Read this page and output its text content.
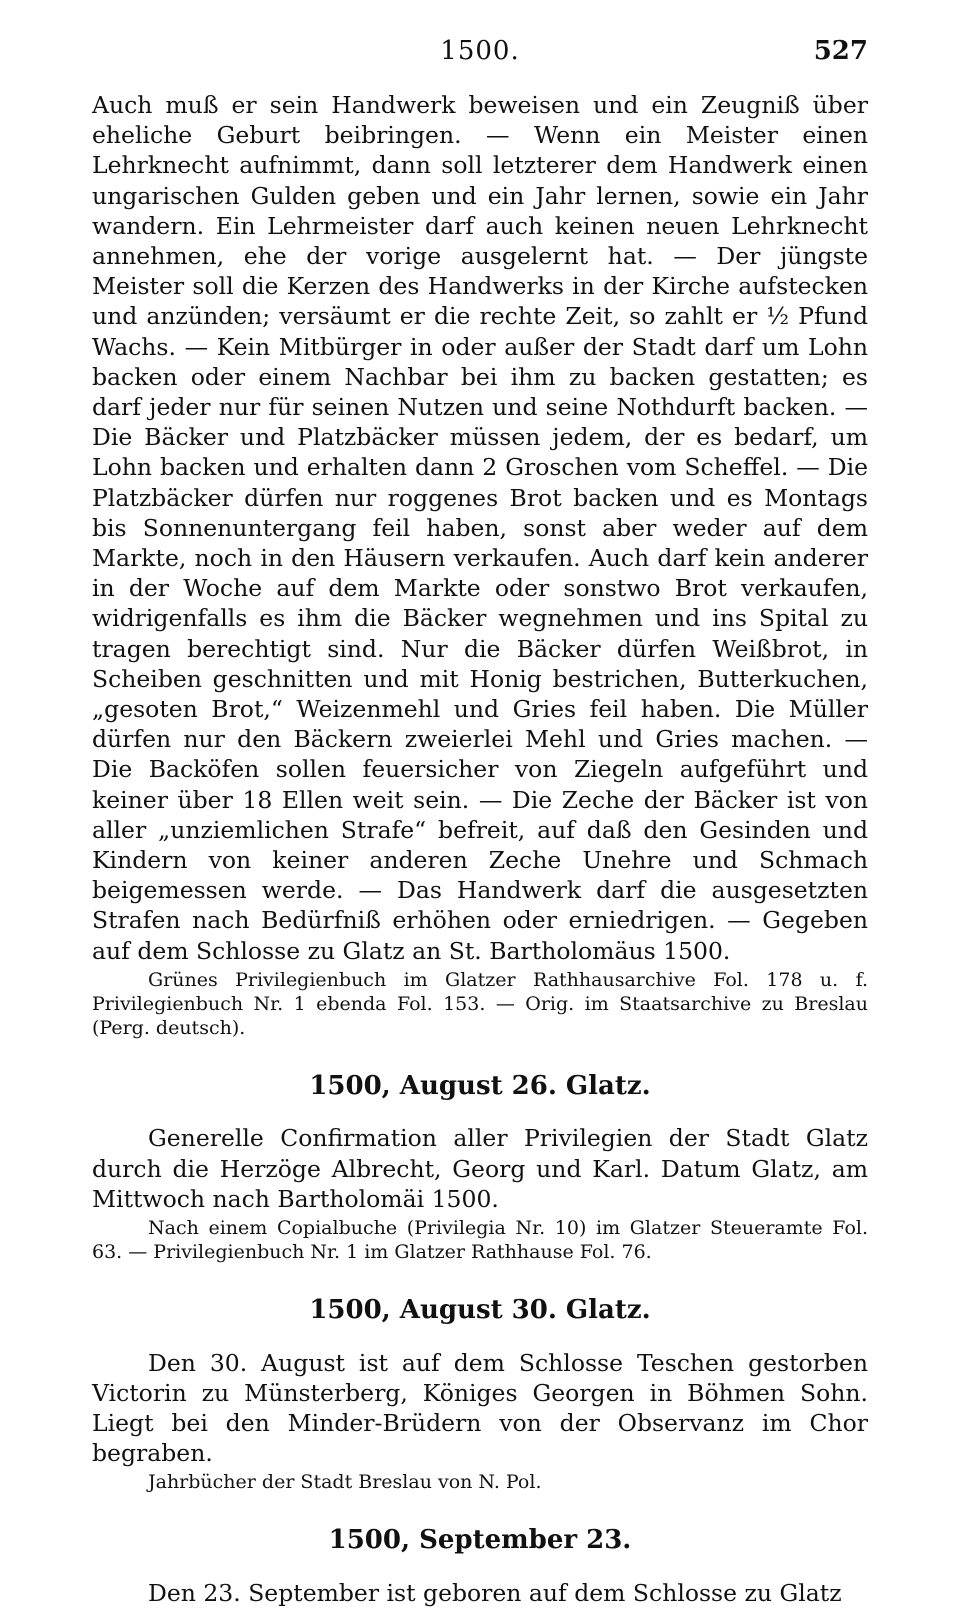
1500.	527

Auch muß er sein Handwerk beweisen und ein Zeugniß über eheliche Geburt beibringen. — Wenn ein Meister einen Lehrknecht aufnimmt, dann soll letzterer dem Handwerk einen ungarischen Gulden geben und ein Jahr lernen, sowie ein Jahr wandern. Ein Lehrmeister darf auch keinen neuen Lehrknecht annehmen, ehe der vorige ausgelernt hat. — Der jüngste Meister soll die Kerzen des Handwerks in der Kirche aufstecken und anzünden; versäumt er die rechte Zeit, so zahlt er ½ Pfund Wachs. — Kein Mitbürger in oder außer der Stadt darf um Lohn backen oder einem Nachbar bei ihm zu backen gestatten; es darf jeder nur für seinen Nutzen und seine Nothdurft backen. — Die Bäcker und Platzbäcker müssen jedem, der es bedarf, um Lohn backen und erhalten dann 2 Groschen vom Scheffel. — Die Platzbäcker dürfen nur roggenes Brot backen und es Montags bis Sonnenuntergang feil haben, sonst aber weder auf dem Markte, noch in den Häusern verkaufen. Auch darf kein anderer in der Woche auf dem Markte oder sonstwo Brot verkaufen, widrigenfalls es ihm die Bäcker wegnehmen und ins Spital zu tragen berechtigt sind. Nur die Bäcker dürfen Weißbrot, in Scheiben geschnitten und mit Honig bestrichen, Butterkuchen, „gesoten Brot,“ Weizenmehl und Gries feil haben. Die Müller dürfen nur den Bäckern zweierlei Mehl und Gries machen. — Die Backöfen sollen feuersicher von Ziegeln aufgeführt und keiner über 18 Ellen weit sein. — Die Zeche der Bäcker ist von aller „unziemlichen Strafe“ befreit, auf daß den Gesinden und Kindern von keiner anderen Zeche Unehre und Schmach beigemessen werde. — Das Handwerk darf die ausgesetzten Strafen nach Bedürfniß erhöhen oder erniedrigen. — Gegeben auf dem Schlosse zu Glatz an St. Bartholomäus 1500.

Grünes Privilegienbuch im Glatzer Rathhausarchive Fol. 178 u. f. Privilegienbuch Nr. 1 ebenda Fol. 153. — Orig. im Staatsarchive zu Breslau (Perg. deutsch).

1500, August 26. Glatz.

Generelle Confirmation aller Privilegien der Stadt Glatz durch die Herzöge Albrecht, Georg und Karl. Datum Glatz, am Mittwoch nach Bartholomäi 1500.

Nach einem Copialbuche (Privilegia Nr. 10) im Glatzer Steueramte Fol. 63. — Privilegienbuch Nr. 1 im Glatzer Rathhause Fol. 76.

1500, August 30. Glatz.

Den 30. August ist auf dem Schlosse Teschen gestorben Victorin zu Münsterberg, Königes Georgen in Böhmen Sohn. Liegt bei den Minder-Brüdern von der Observanz im Chor begraben.

Jahrbücher der Stadt Breslau von N. Pol.

1500, September 23.

Den 23. September ist geboren auf dem Schlosse zu Glatz
